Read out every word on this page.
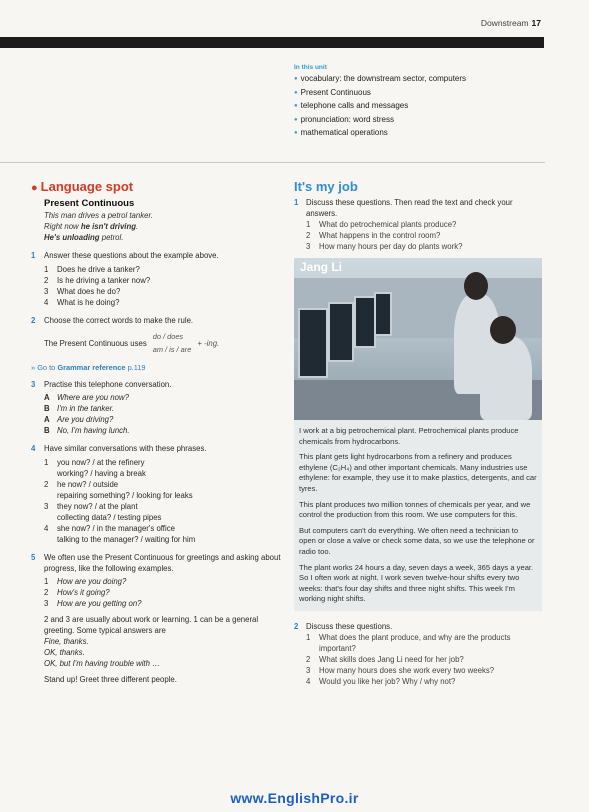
Downstream 17
In this unit
● vocabulary: the downstream sector, computers
● Present Continuous
● telephone calls and messages
● pronunciation: word stress
● mathematical operations
● Language spot
Present Continuous
This man drives a petrol tanker.
Right now he isn't driving.
He's unloading petrol.
1 Answer these questions about the example above.
1 Does he drive a tanker?
2 Is he driving a tanker now?
3 What does he do?
4 What is he doing?
2 Choose the correct words to make the rule.
The Present Continuous uses
do / does
am / is / are
+ -ing.
» Go to Grammar reference p.119
3 Practise this telephone conversation.
A Where are you now?
B I'm in the tanker.
A Are you driving?
B No, I'm having lunch.
4 Have similar conversations with these phrases.
1 you now? / at the refinery
working? / having a break
2 he now? / outside
repairing something? / looking for leaks
3 they now? / at the plant
collecting data? / testing pipes
4 she now? / in the manager's office
talking to the manager? / waiting for him
5 We often use the Present Continuous for greetings and asking about progress, like the following examples.
1 How are you doing?
2 How's it going?
3 How are you getting on?
2 and 3 are usually about work or learning. 1 can be a general greeting. Some typical answers are
Fine, thanks.
OK, thanks.
OK, but I'm having trouble with …
Stand up! Greet three different people.
It's my job
1 Discuss these questions. Then read the text and check your answers.
1 What do petrochemical plants produce?
2 What happens in the control room?
3 How many hours per day do plants work?
Jang Li

I work at a big petrochemical plant. Petrochemical plants produce chemicals from hydrocarbons.

This plant gets light hydrocarbons from a refinery and produces ethylene (C₂H₄) and other important chemicals. Many industries use ethylene: for example, they use it to make plastics, detergents, and car tyres.

This plant produces two million tonnes of chemicals per year, and we control the production from this room. We use computers for this.

But computers can't do everything. We often need a technician to open or close a valve or check some data, so we use the telephone or radio too.

The plant works 24 hours a day, seven days a week, 365 days a year. So I often work at night. I work seven twelve-hour shifts every two weeks: that's four day shifts and three night shifts. This week I'm working night shifts.

2 Discuss these questions.
1 What does the plant produce, and why are the products important?
2 What skills does Jang Li need for her job?
3 How many hours does she work every two weeks?
4 Would you like her job? Why / why not?
www.EnglishPro.ir
